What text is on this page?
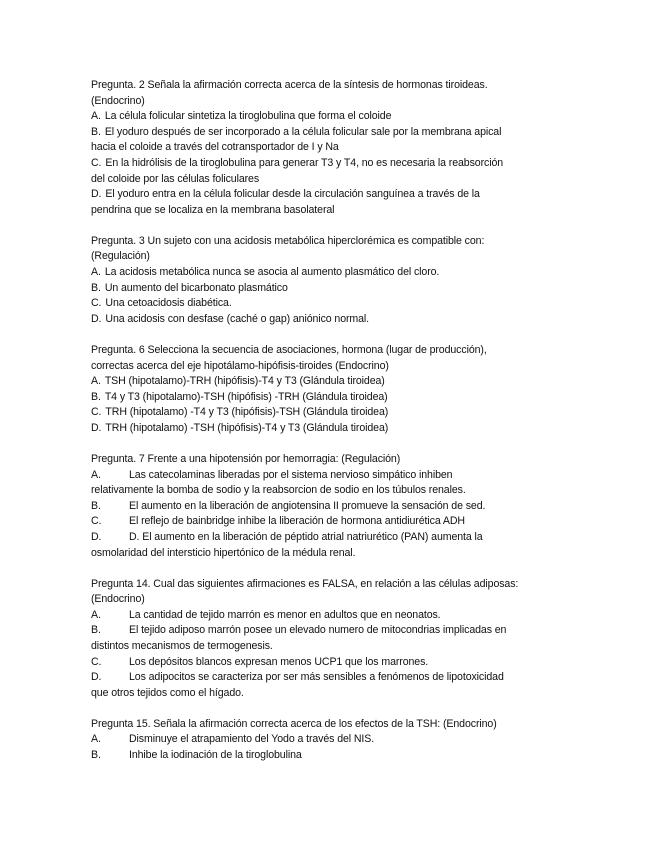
Pregunta. 2 Señala la afirmación correcta acerca de la síntesis de hormonas tiroideas.
(Endocrino)
A. La célula folicular sintetiza la tiroglobulina que forma el coloide
B. El yoduro después de ser incorporado a la célula folicular sale por la membrana apical
hacia el coloide a través del cotransportador de I y Na
C. En la hidrólisis de la tiroglobulina para generar T3 y T4, no es necesaria la reabsorción
del coloide por las células foliculares
D. El yoduro entra en la célula folicular desde la circulación sanguínea a través de la
pendrina que se localiza en la membrana basolateral
Pregunta. 3 Un sujeto con una acidosis metabólica hiperclorémica es compatible con:
(Regulación)
A. La acidosis metabólica nunca se asocia al aumento plasmático del cloro.
B. Un aumento del bicarbonato plasmático
C. Una cetoacidosis diabética.
D. Una acidosis con desfase (caché o gap) aniónico normal.
Pregunta. 6 Selecciona la secuencia de asociaciones, hormona (lugar de producción),
correctas acerca del eje hipotálamo-hipófisis-tiroides (Endocrino)
A. TSH (hipotalamo)-TRH (hipófisis)-T4 y T3 (Glándula tiroidea)
B. T4 y T3 (hipotalamo)-TSH (hipófisis) -TRH (Glándula tiroidea)
C. TRH (hipotalamo) -T4 y T3 (hipófisis)-TSH (Glándula tiroidea)
D. TRH (hipotalamo) -TSH (hipófisis)-T4 y T3 (Glándula tiroidea)
Pregunta. 7 Frente a una hipotensión por hemorragia: (Regulación)
A.	Las catecolaminas liberadas por el sistema nervioso simpático inhiben
relativamente la bomba de sodio y la reabsorcion de sodio en los túbulos renales.
B.	El aumento en la liberación de angiotensina II promueve la sensación de sed.
C.	El reflejo de bainbridge inhibe la liberación de hormona antidiurética ADH
D.	D. El aumento en la liberación de péptido atrial natriurético (PAN) aumenta la
osmolaridad del intersticio hipertónico de la médula renal.
Pregunta 14. Cual das siguientes afirmaciones es FALSA, en relación a las células adiposas:
(Endocrino)
A.	La cantidad de tejido marrón es menor en adultos que en neonatos.
B.	El tejido adiposo marrón posee un elevado numero de mitocondrias implicadas en
distintos mecanismos de termogenesis.
C.	Los depósitos blancos expresan menos UCP1 que los marrones.
D.	Los adipocitos se caracteriza por ser más sensibles a fenómenos de lipotoxicidad
que otros tejidos como el hígado.
Pregunta 15. Señala la afirmación correcta acerca de los efectos de la TSH: (Endocrino)
A.	Disminuye el atrapamiento del Yodo a través del NIS.
B.	Inhibe la iodinación de la tiroglobulina
